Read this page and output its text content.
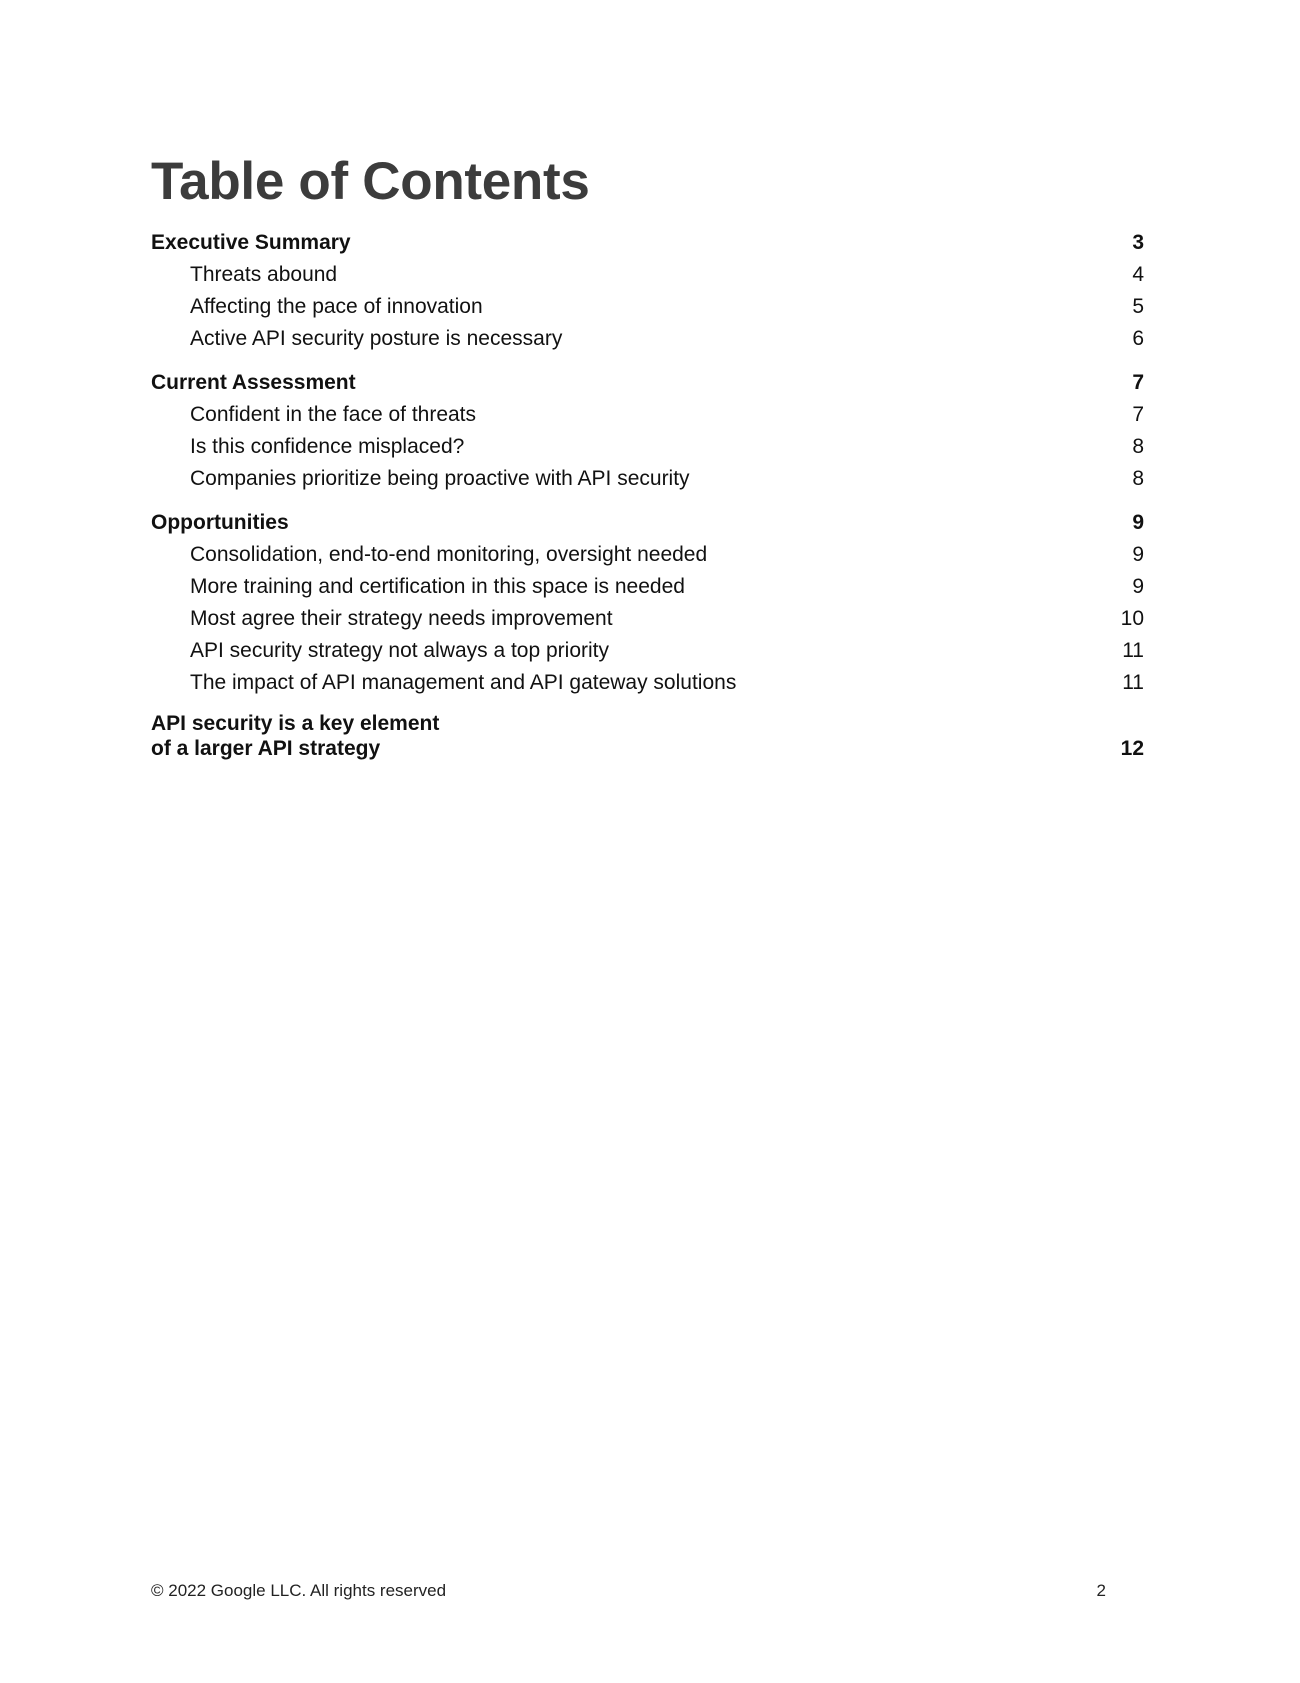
Table of Contents
Executive Summary	3
Threats abound	4
Affecting the pace of innovation	5
Active API security posture is necessary	6
Current Assessment	7
Confident in the face of threats	7
Is this confidence misplaced?	8
Companies prioritize being proactive with API security	8
Opportunities	9
Consolidation, end-to-end monitoring, oversight needed	9
More training and certification in this space is needed	9
Most agree their strategy needs improvement	10
API security strategy not always a top priority	11
The impact of API management and API gateway solutions	11
API security is a key element
of a larger API strategy	12
© 2022 Google LLC. All rights reserved	2
